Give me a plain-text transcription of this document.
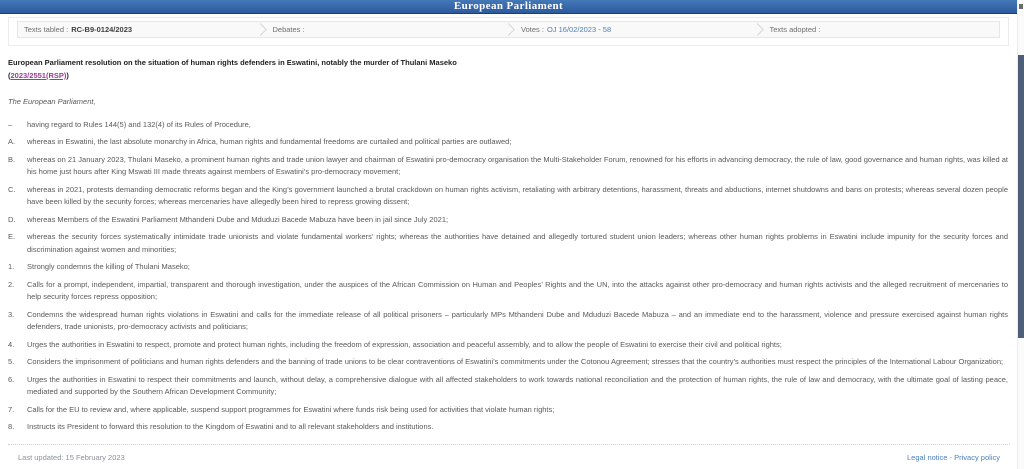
European Parliament
Texts tabled : RC-B9-0124/2023	Debates :	Votes : OJ 16/02/2023 - 58	Texts adopted :

European Parliament resolution on the situation of human rights defenders in Eswatini, notably the murder of Thulani Maseko
(2023/2551(RSP))

The European Parliament,

– having regard to Rules 144(5) and 132(4) of its Rules of Procedure,
A. whereas in Eswatini, the last absolute monarchy in Africa, human rights and fundamental freedoms are curtailed and political parties are outlawed;
B. whereas on 21 January 2023, Thulani Maseko, a prominent human rights and trade union lawyer and chairman of Eswatini pro-democracy organisation the Multi-Stakeholder Forum, renowned for his efforts in advancing democracy, the rule of law, good governance and human rights, was killed at his home just hours after King Mswati III made threats against members of Eswatini’s pro-democracy movement;
C. whereas in 2021, protests demanding democratic reforms began and the King’s government launched a brutal crackdown on human rights activism, retaliating with arbitrary detentions, harassment, threats and abductions, internet shutdowns and bans on protests; whereas several dozen people have been killed by the security forces; whereas mercenaries have allegedly been hired to repress growing dissent;
D. whereas Members of the Eswatini Parliament Mthandeni Dube and Mduduzi Bacede Mabuza have been in jail since July 2021;
E. whereas the security forces systematically intimidate trade unionists and violate fundamental workers’ rights; whereas the authorities have detained and allegedly tortured student union leaders; whereas other human rights problems in Eswatini include impunity for the security forces and discrimination against women and minorities;
1. Strongly condemns the killing of Thulani Maseko;
2. Calls for a prompt, independent, impartial, transparent and thorough investigation, under the auspices of the African Commission on Human and Peoples’ Rights and the UN, into the attacks against other pro-democracy and human rights activists and the alleged recruitment of mercenaries to help security forces repress opposition;
3. Condemns the widespread human rights violations in Eswatini and calls for the immediate release of all political prisoners – particularly MPs Mthandeni Dube and Mduduzi Bacede Mabuza – and an immediate end to the harassment, violence and pressure exercised against human rights defenders, trade unionists, pro-democracy activists and politicians;
4. Urges the authorities in Eswatini to respect, promote and protect human rights, including the freedom of expression, association and peaceful assembly, and to allow the people of Eswatini to exercise their civil and political rights;
5. Considers the imprisonment of politicians and human rights defenders and the banning of trade unions to be clear contraventions of Eswatini’s commitments under the Cotonou Agreement; stresses that the country’s authorities must respect the principles of the International Labour Organization;
6. Urges the authorities in Eswatini to respect their commitments and launch, without delay, a comprehensive dialogue with all affected stakeholders to work towards national reconciliation and the protection of human rights, the rule of law and democracy, with the ultimate goal of lasting peace, mediated and supported by the Southern African Development Community;
7. Calls for the EU to review and, where applicable, suspend support programmes for Eswatini where funds risk being used for activities that violate human rights;
8. Instructs its President to forward this resolution to the Kingdom of Eswatini and to all relevant stakeholders and institutions.
Last updated: 15 February 2023	Legal notice - Privacy policy
